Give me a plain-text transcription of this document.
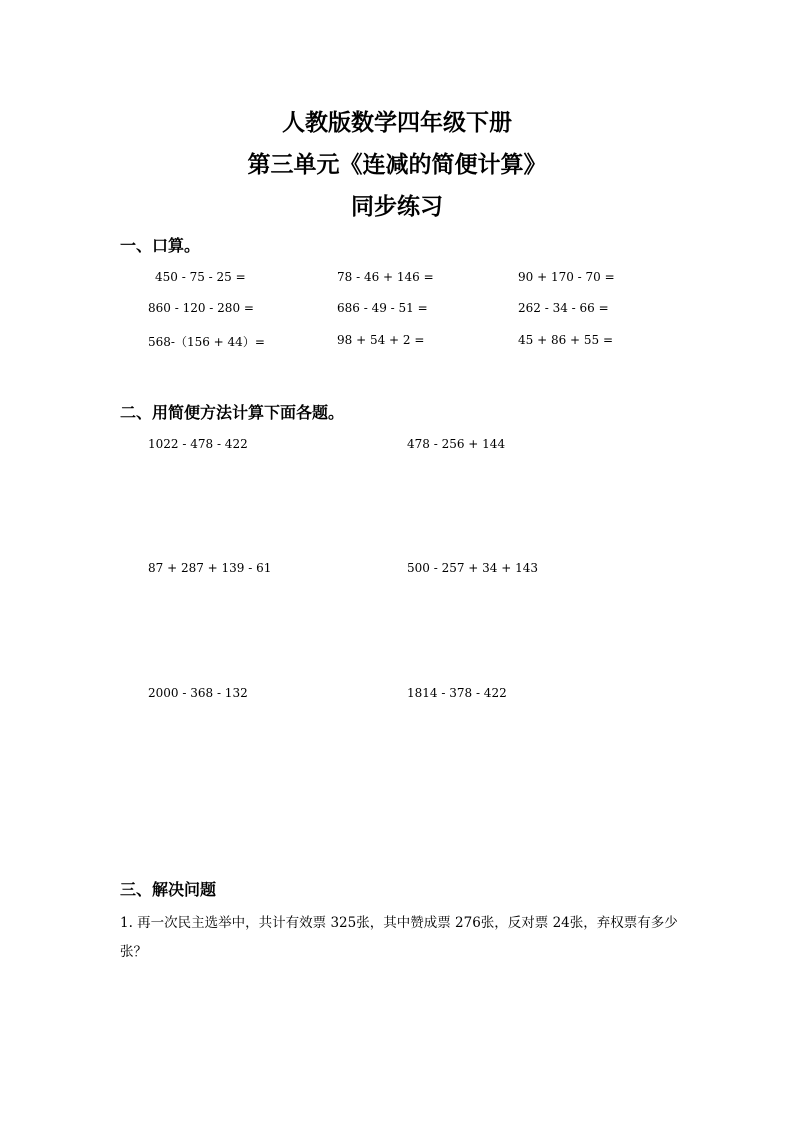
人教版数学四年级下册
第三单元《连减的简便计算》
同步练习
一、口算。
450 - 75 - 25 =	78 - 46 + 146 =	90 + 170 - 70 =
860 - 120 - 280 =	686 - 49 - 51 =	262 - 34 - 66 =
568-（156 + 44）=	98 + 54 + 2 =	45 + 86 + 55 =
二、用简便方法计算下面各题。
1022 - 478 - 422	478 - 256 + 144
87 + 287 + 139 - 61	500 - 257 + 34 + 143
2000 - 368 - 132	1814 - 378 - 422
三、解决问题
1. 再一次民主选举中，共计有效票 325张，其中赞成票 276张，反对票 24张，弃权票有多少张？
